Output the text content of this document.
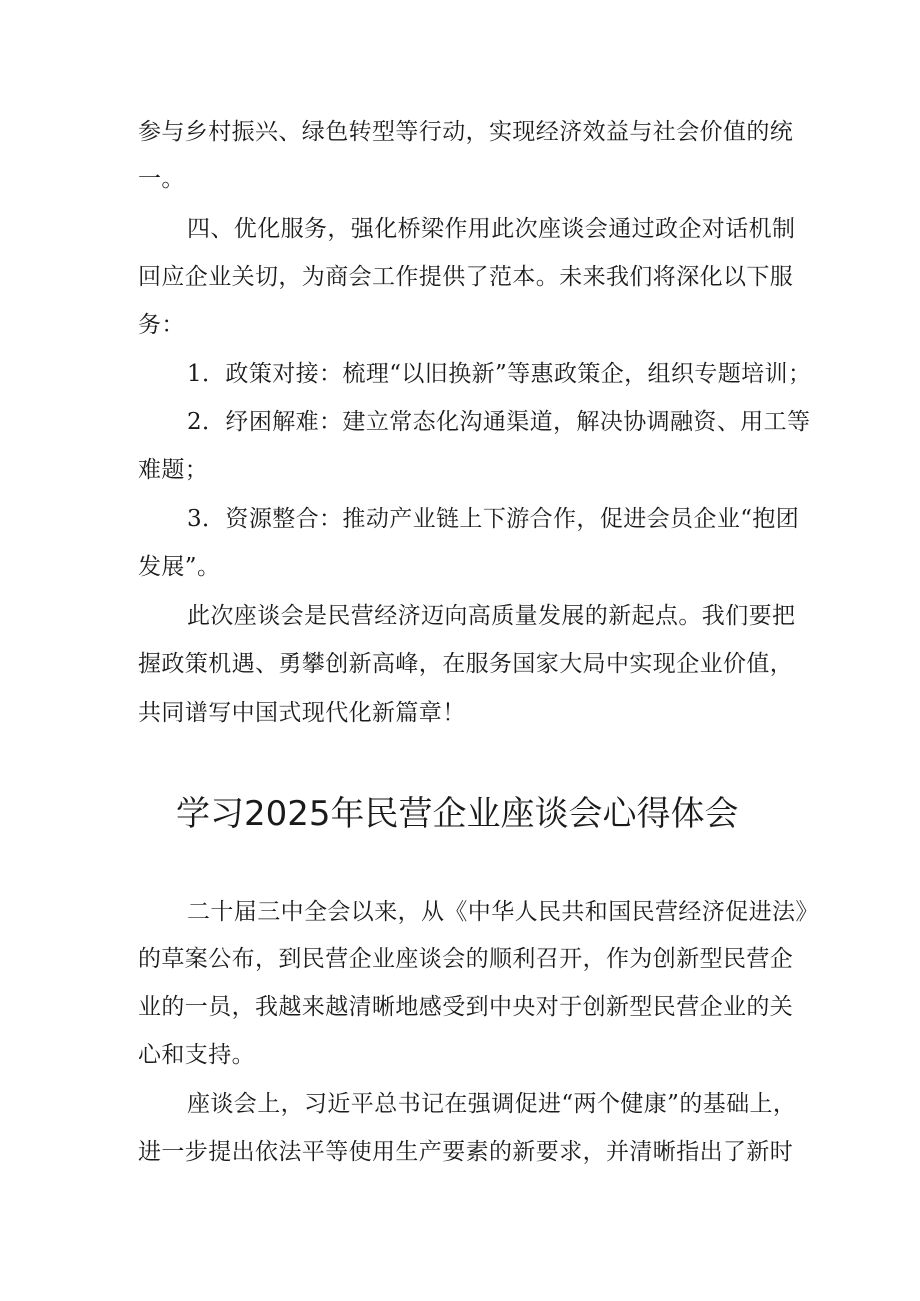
参与乡村振兴、绿色转型等行动，实现经济效益与社会价值的统
一。
四、优化服务，强化桥梁作用此次座谈会通过政企对话机制
回应企业关切，为商会工作提供了范本。未来我们将深化以下服
务：
1．政策对接：梳理“以旧换新”等惠政策企，组织专题培训；
2．纾困解难：建立常态化沟通渠道，解决协调融资、用工等
难题；
3．资源整合：推动产业链上下游合作，促进会员企业“抱团
发展”。
此次座谈会是民营经济迈向高质量发展的新起点。我们要把
握政策机遇、勇攀创新高峰，在服务国家大局中实现企业价值，
共同谱写中国式现代化新篇章！
学习2025年民营企业座谈会心得体会
二十届三中全会以来，从《中华人民共和国民营经济促进法》
的草案公布，到民营企业座谈会的顺利召开，作为创新型民营企
业的一员，我越来越清晰地感受到中央对于创新型民营企业的关
心和支持。
座谈会上，习近平总书记在强调促进“两个健康”的基础上，
进一步提出依法平等使用生产要素的新要求，并清晰指出了新时
